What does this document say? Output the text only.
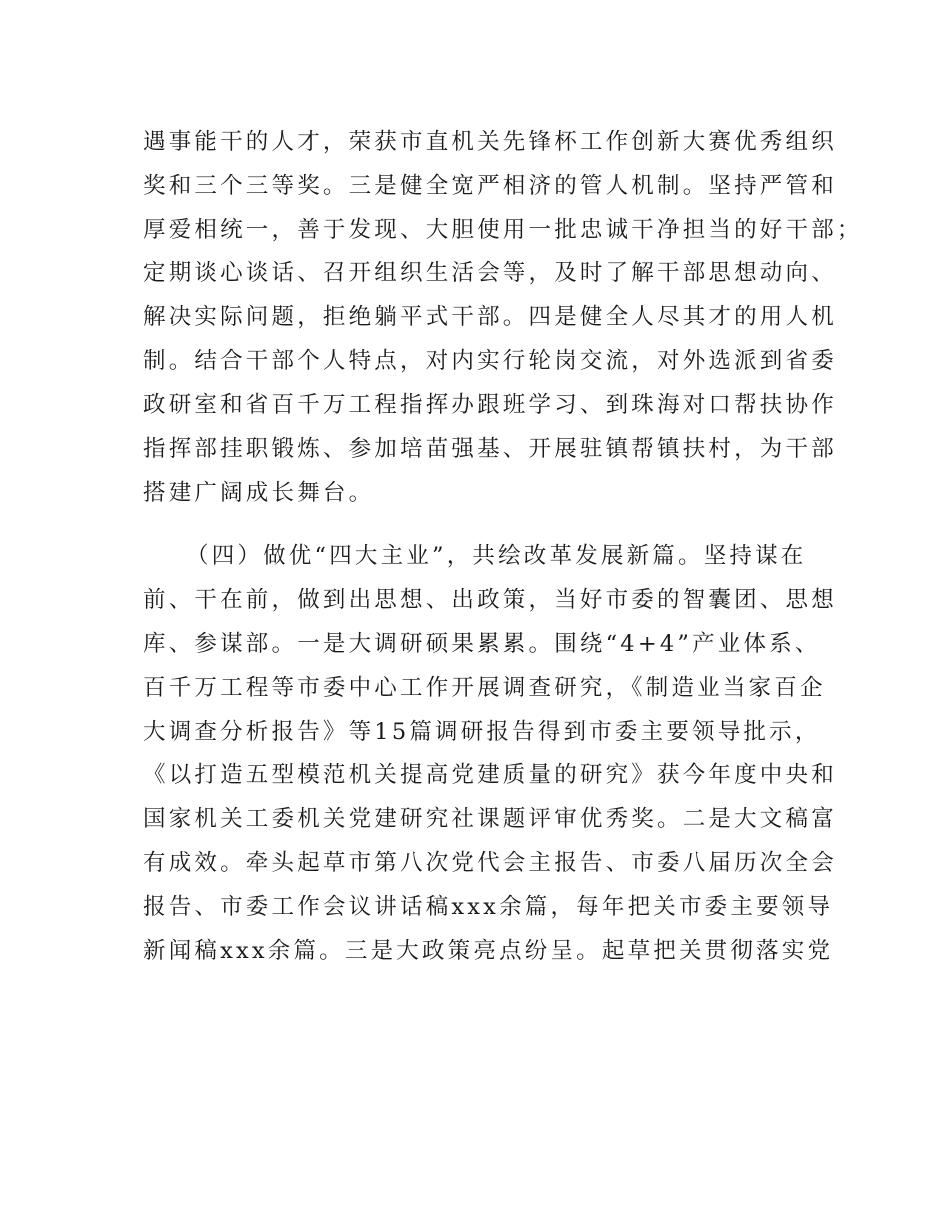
遇事能干的人才，荣获市直机关先锋杯工作创新大赛优秀组织
奖和三个三等奖。三是健全宽严相济的管人机制。坚持严管和
厚爱相统一，善于发现、大胆使用一批忠诚干净担当的好干部；
定期谈心谈话、召开组织生活会等，及时了解干部思想动向、
解决实际问题，拒绝躺平式干部。四是健全人尽其才的用人机
制。结合干部个人特点，对内实行轮岗交流，对外选派到省委
政研室和省百千万工程指挥办跟班学习、到珠海对口帮扶协作
指挥部挂职锻炼、参加培苗强基、开展驻镇帮镇扶村，为干部
搭建广阔成长舞台。
（四）做优“四大主业”，共绘改革发展新篇。坚持谋在
前、干在前，做到出思想、出政策，当好市委的智囊团、思想
库、参谋部。一是大调研硕果累累。围绕“4+4”产业体系、
百千万工程等市委中心工作开展调查研究，《制造业当家百企
大调查分析报告》等15篇调研报告得到市委主要领导批示，
《以打造五型模范机关提高党建质量的研究》获今年度中央和
国家机关工委机关党建研究社课题评审优秀奖。二是大文稿富
有成效。牵头起草市第八次党代会主报告、市委八届历次全会
报告、市委工作会议讲话稿xxx余篇，每年把关市委主要领导
新闻稿xxx余篇。三是大政策亮点纷呈。起草把关贯彻落实党
